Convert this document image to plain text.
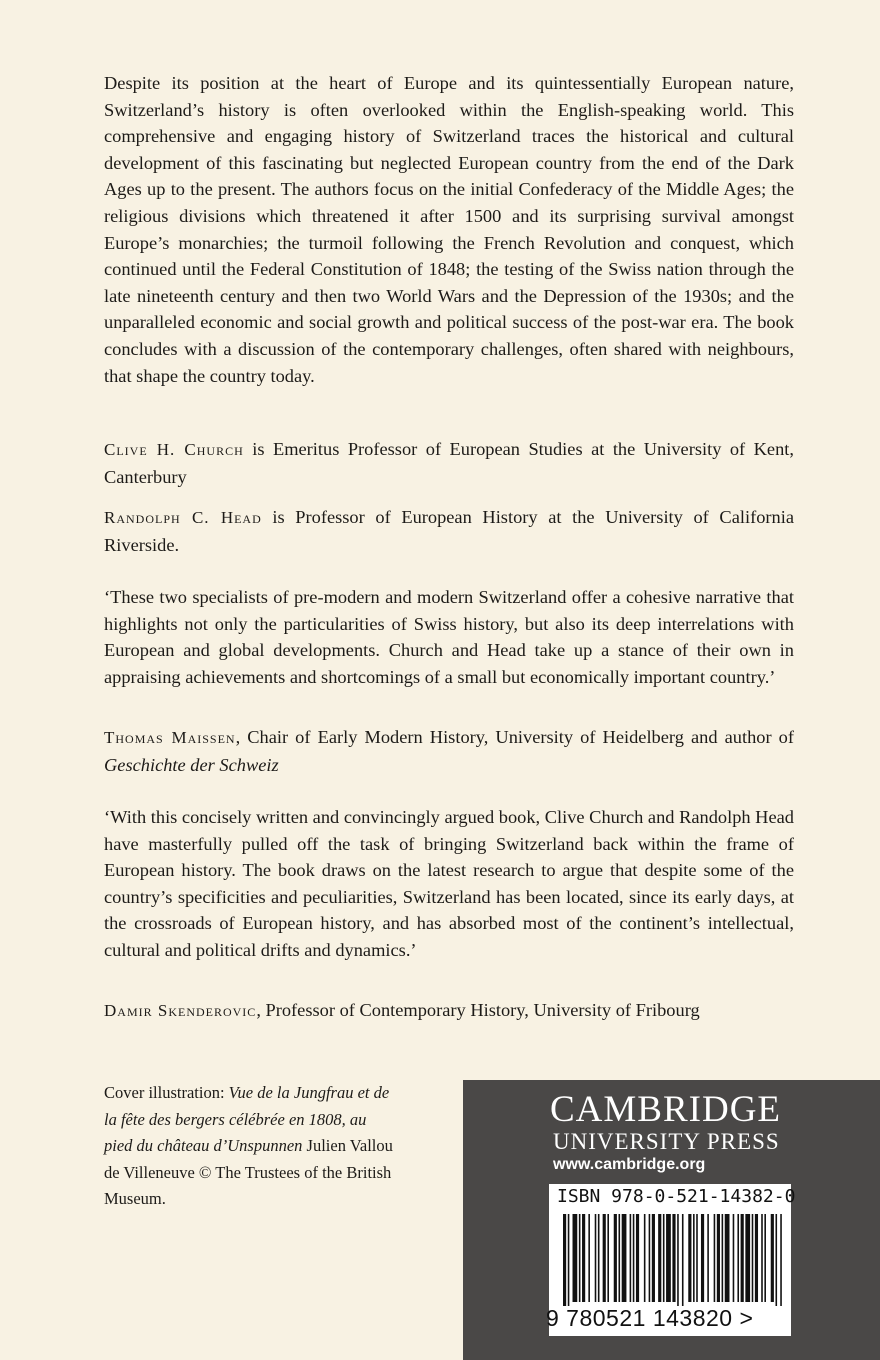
Despite its position at the heart of Europe and its quintessentially European nature, Switzerland’s history is often overlooked within the English-speaking world. This comprehensive and engaging history of Switzerland traces the historical and cultural development of this fascinating but neglected European country from the end of the Dark Ages up to the present. The authors focus on the initial Confederacy of the Middle Ages; the religious divisions which threatened it after 1500 and its surprising survival amongst Europe’s monarchies; the turmoil following the French Revolution and conquest, which continued until the Federal Constitution of 1848; the testing of the Swiss nation through the late nineteenth century and then two World Wars and the Depression of the 1930s; and the unparalleled economic and social growth and political success of the post-war era. The book concludes with a discussion of the contemporary challenges, often shared with neighbours, that shape the country today.

Clive H. Church is Emeritus Professor of European Studies at the University of Kent, Canterbury

Randolph C. Head is Professor of European History at the University of California Riverside.

‘These two specialists of pre-modern and modern Switzerland offer a cohesive narrative that highlights not only the particularities of Swiss history, but also its deep interrelations with European and global developments. Church and Head take up a stance of their own in appraising achievements and shortcomings of a small but economically important country.’

Thomas Maissen, Chair of Early Modern History, University of Heidelberg and author of Geschichte der Schweiz

‘With this concisely written and convincingly argued book, Clive Church and Randolph Head have masterfully pulled off the task of bringing Switzerland back within the frame of European history. The book draws on the latest research to argue that despite some of the country’s specificities and peculiarities, Switzerland has been located, since its early days, at the crossroads of European history, and has absorbed most of the continent’s intellectual, cultural and political drifts and dynamics.’

Damir Skenderovic, Professor of Contemporary History, University of Fribourg

Cover illustration: Vue de la Jungfrau et de la fête des bergers célébrée en 1808, au pied du château d’Unspunnen Julien Vallou de Villeneuve © The Trustees of the British Museum.

CAMBRIDGE
UNIVERSITY PRESS
www.cambridge.org
ISBN 978-0-521-14382-0
9 780521 143820 >
